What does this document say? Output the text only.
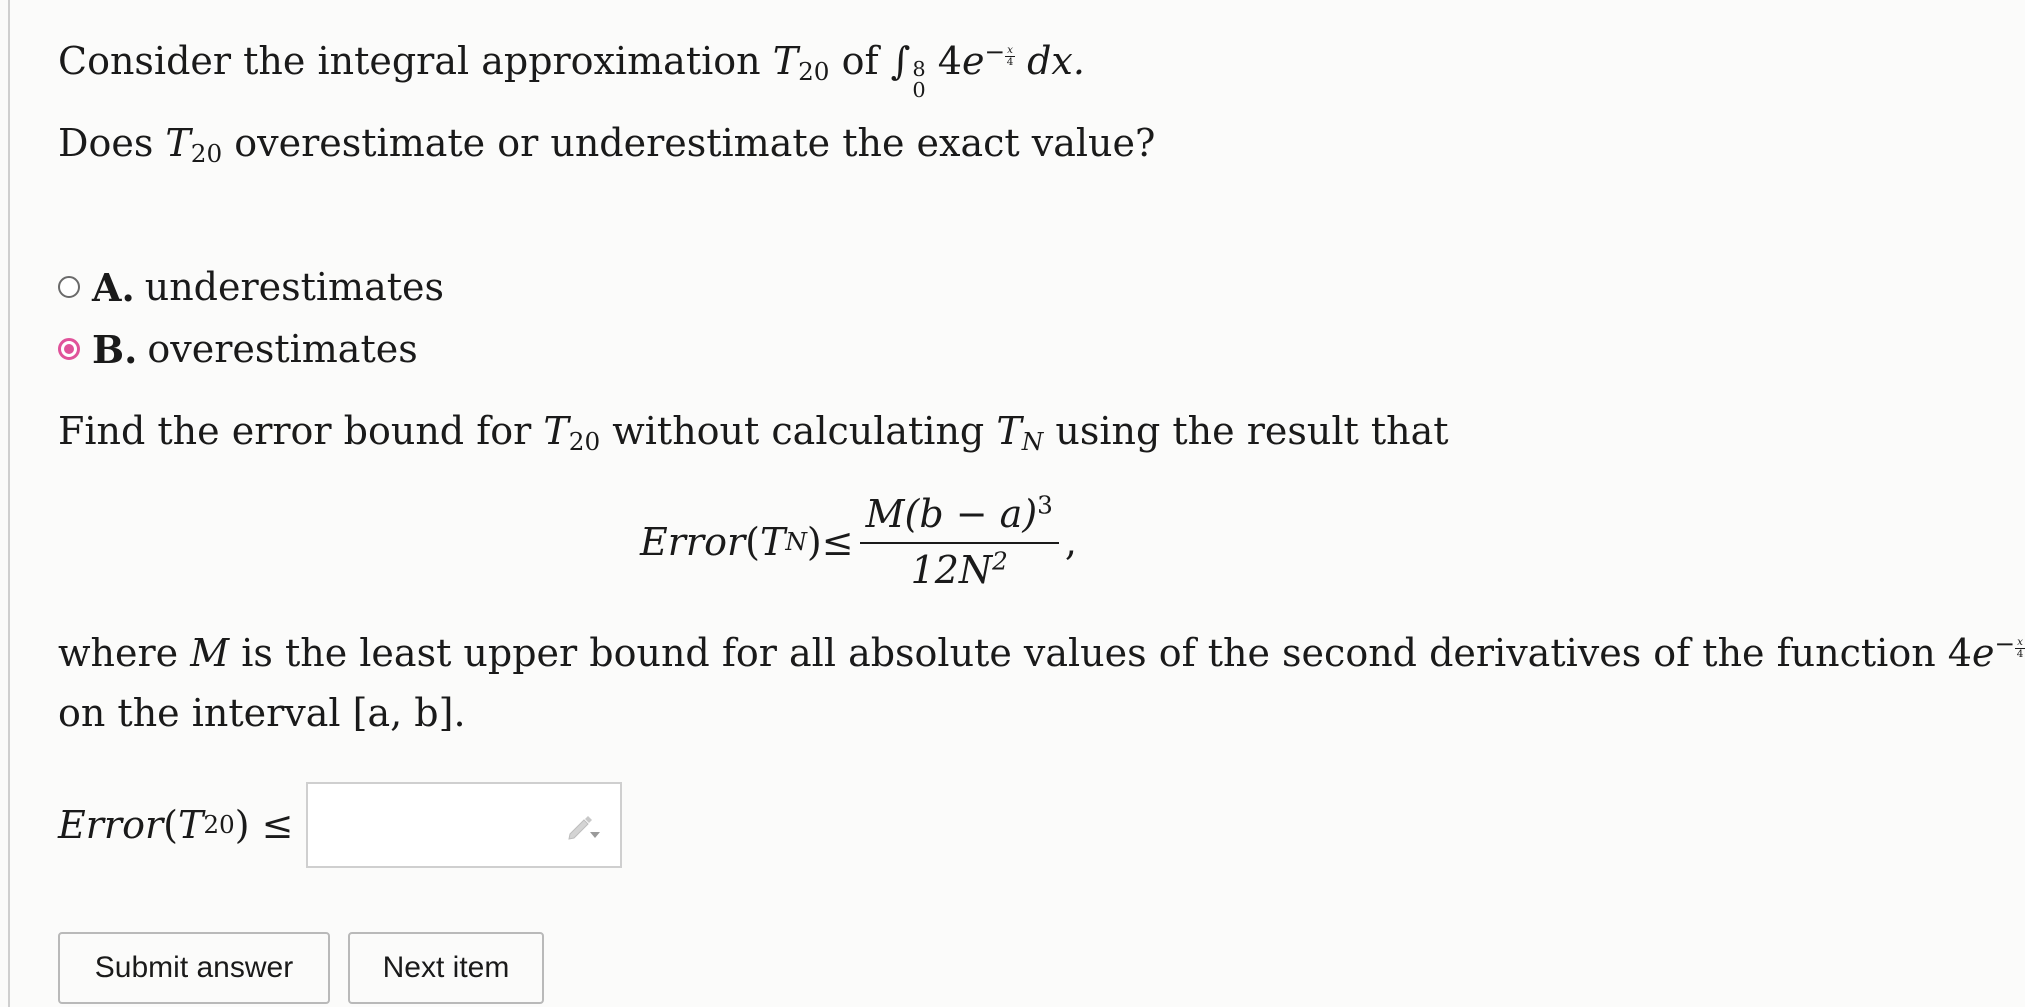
Consider the integral approximation $T_{20}$ of ∫ 8
0
$4e^{- \frac{x}{4}}$ dx.
Does $T_{20}$ overestimate or underestimate the exact value?
A. underestimates
B. overestimates
Find the error bound for $T_{20}$ without calculating $T_N$ using the result that
Error ( T N ) ≤ $\frac{M(b - a)^3}{12N^2}$ ,
where M is the least upper bound for all absolute values of the second derivatives of the function $4e^{- \frac{x}{4}}$
on the interval [a, b].
Error ( T 20 )
≤
Submit answer	Next item
